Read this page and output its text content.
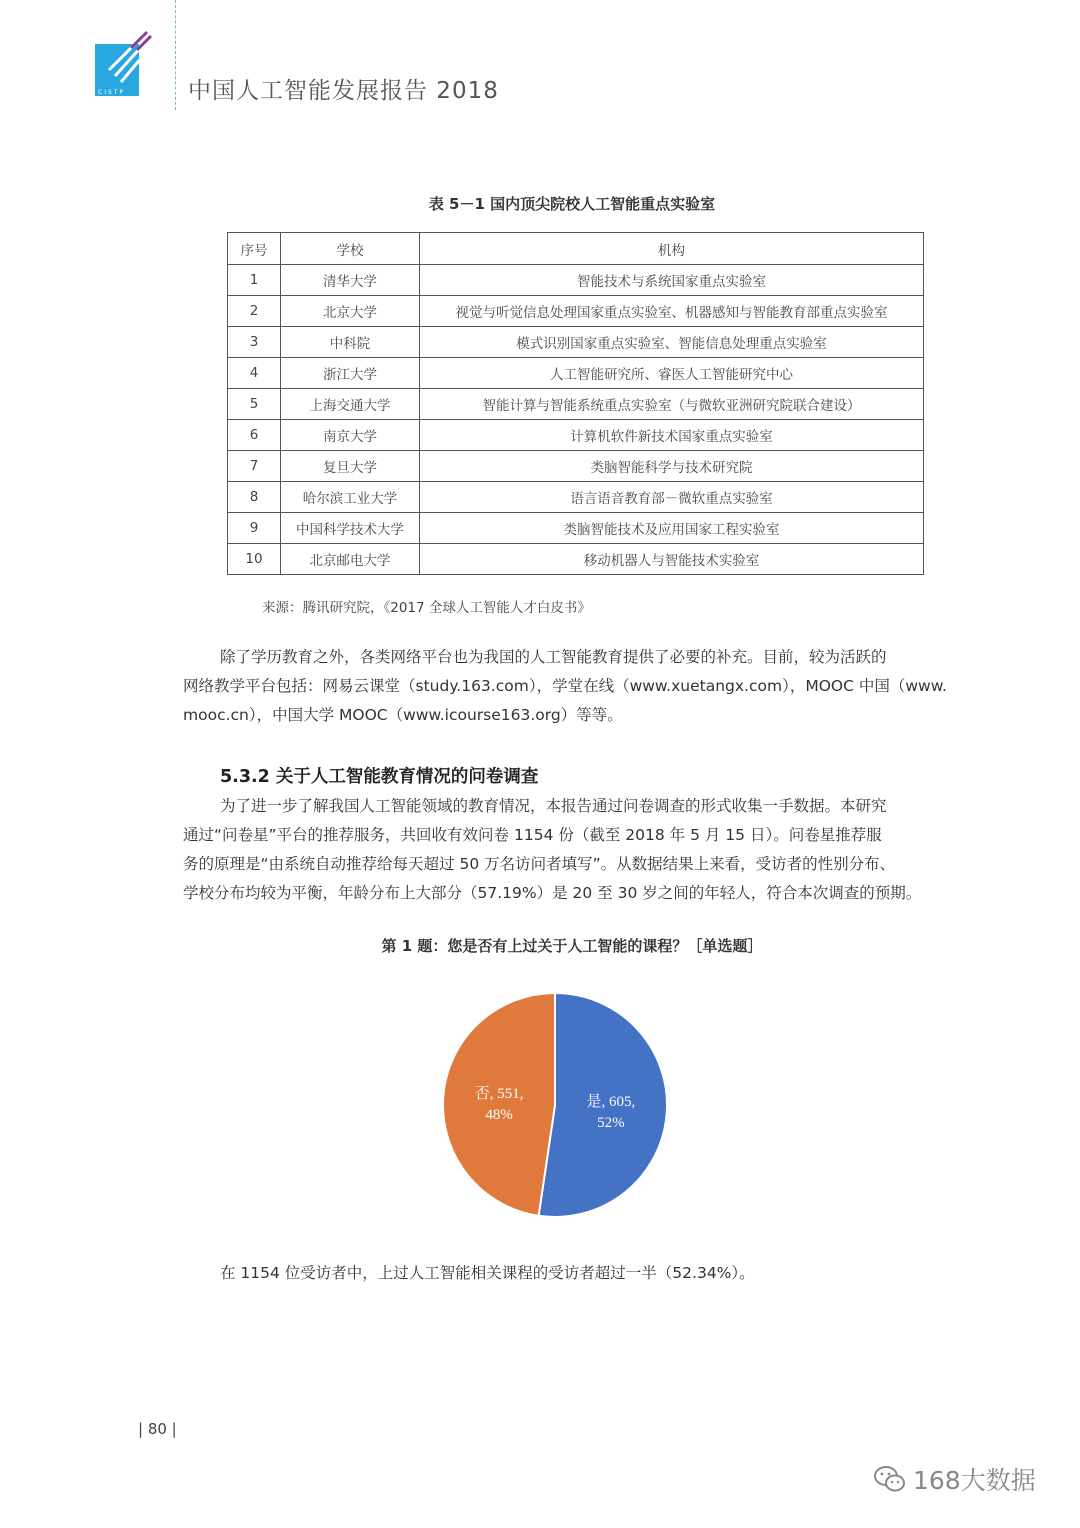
CISTP	中国人工智能发展报告 2018
表 5－1 国内顶尖院校人工智能重点实验室
序号	学校	机构
1	清华大学	智能技术与系统国家重点实验室
2	北京大学	视觉与听觉信息处理国家重点实验室、机器感知与智能教育部重点实验室
3	中科院	模式识别国家重点实验室、智能信息处理重点实验室
4	浙江大学	人工智能研究所、睿医人工智能研究中心
5	上海交通大学	智能计算与智能系统重点实验室（与微软亚洲研究院联合建设）
6	南京大学	计算机软件新技术国家重点实验室
7	复旦大学	类脑智能科学与技术研究院
8	哈尔滨工业大学	语言语音教育部－微软重点实验室
9	中国科学技术大学	类脑智能技术及应用国家工程实验室
10	北京邮电大学	移动机器人与智能技术实验室
来源：腾讯研究院，《2017 全球人工智能人才白皮书》

除了学历教育之外，各类网络平台也为我国的人工智能教育提供了必要的补充。目前，较为活跃的

网络教学平台包括：网易云课堂（study.163.com），学堂在线（www.xuetangx.com），MOOC 中国（www.

mooc.cn），中国大学 MOOC（www.icourse163.org）等等。

5.3.2 关于人工智能教育情况的问卷调查

为了进一步了解我国人工智能领域的教育情况，本报告通过问卷调查的形式收集一手数据。本研究

通过“问卷星”平台的推荐服务，共回收有效问卷 1154 份（截至 2018 年 5 月 15 日）。问卷星推荐服

务的原理是“由系统自动推荐给每天超过 50 万名访问者填写”。从数据结果上来看，受访者的性别分布、

学校分布均较为平衡，年龄分布上大部分（57.19%）是 20 至 30 岁之间的年轻人，符合本次调查的预期。

第 1 题：您是否有上过关于人工智能的课程？［单选题］
是, 605,
52%
否, 551,
48%

在 1154 位受访者中，上过人工智能相关课程的受访者超过一半（52.34%）。

| 80 |
168大数据
